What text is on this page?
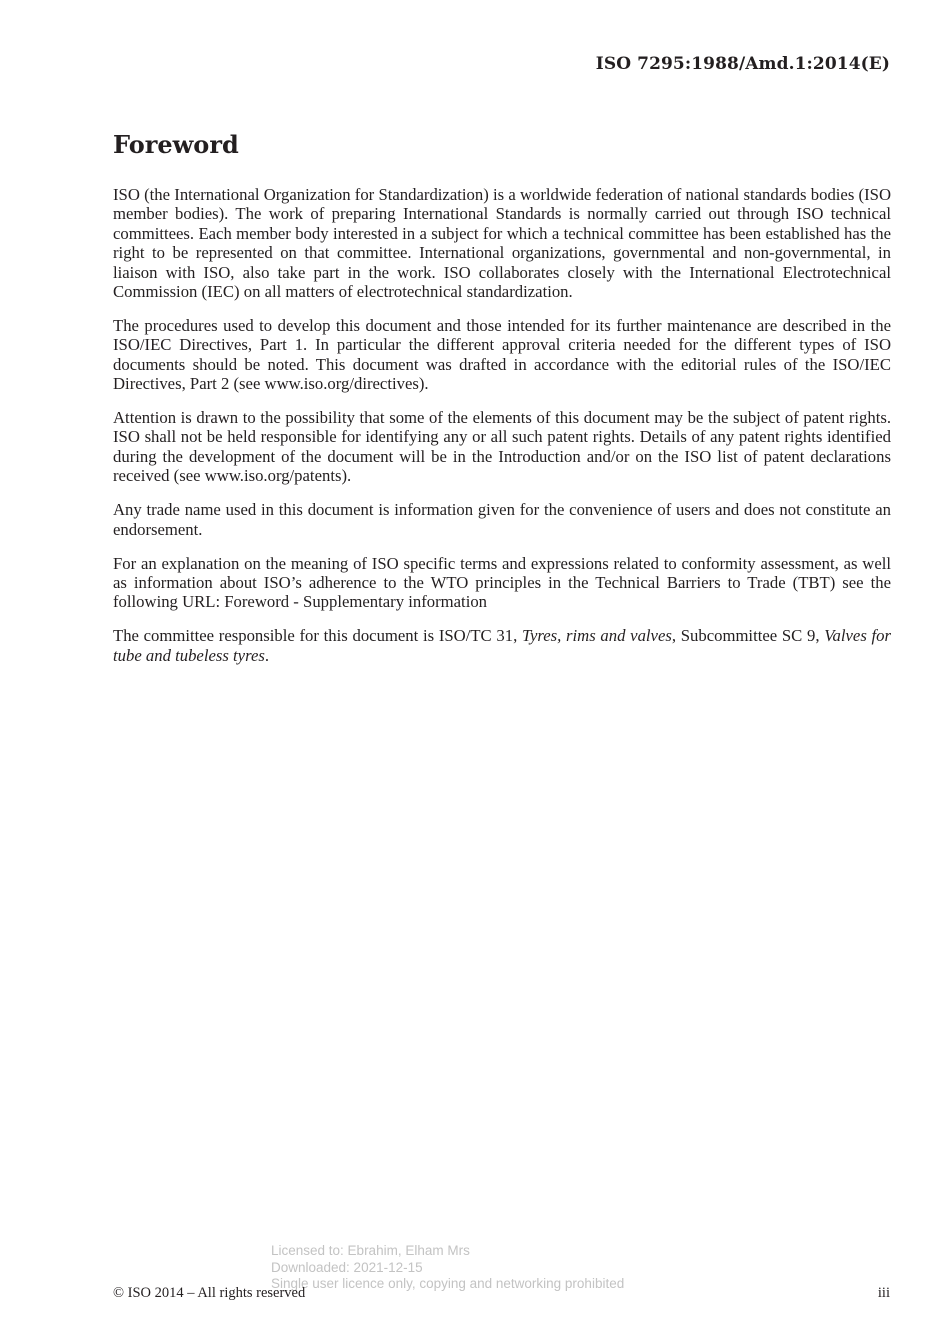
ISO 7295:1988/Amd.1:2014(E)
Foreword

ISO (the International Organization for Standardization) is a worldwide federation of national standards bodies (ISO member bodies). The work of preparing International Standards is normally carried out through ISO technical committees. Each member body interested in a subject for which a technical committee has been established has the right to be represented on that committee. International organizations, governmental and non-governmental, in liaison with ISO, also take part in the work. ISO collaborates closely with the International Electrotechnical Commission (IEC) on all matters of electrotechnical standardization.

The procedures used to develop this document and those intended for its further maintenance are described in the ISO/IEC Directives, Part 1. In particular the different approval criteria needed for the different types of ISO documents should be noted. This document was drafted in accordance with the editorial rules of the ISO/IEC Directives, Part 2 (see www.iso.org/directives).

Attention is drawn to the possibility that some of the elements of this document may be the subject of patent rights. ISO shall not be held responsible for identifying any or all such patent rights. Details of any patent rights identified during the development of the document will be in the Introduction and/or on the ISO list of patent declarations received (see www.iso.org/patents).

Any trade name used in this document is information given for the convenience of users and does not constitute an endorsement.

For an explanation on the meaning of ISO specific terms and expressions related to conformity assessment, as well as information about ISO’s adherence to the WTO principles in the Technical Barriers to Trade (TBT) see the following URL: Foreword - Supplementary information

The committee responsible for this document is ISO/TC 31, Tyres, rims and valves, Subcommittee SC 9, Valves for tube and tubeless tyres.

Licensed to: Ebrahim, Elham Mrs
Downloaded: 2021-12-15
Single user licence only, copying and networking prohibited
© ISO 2014 – All rights reserved	iii
